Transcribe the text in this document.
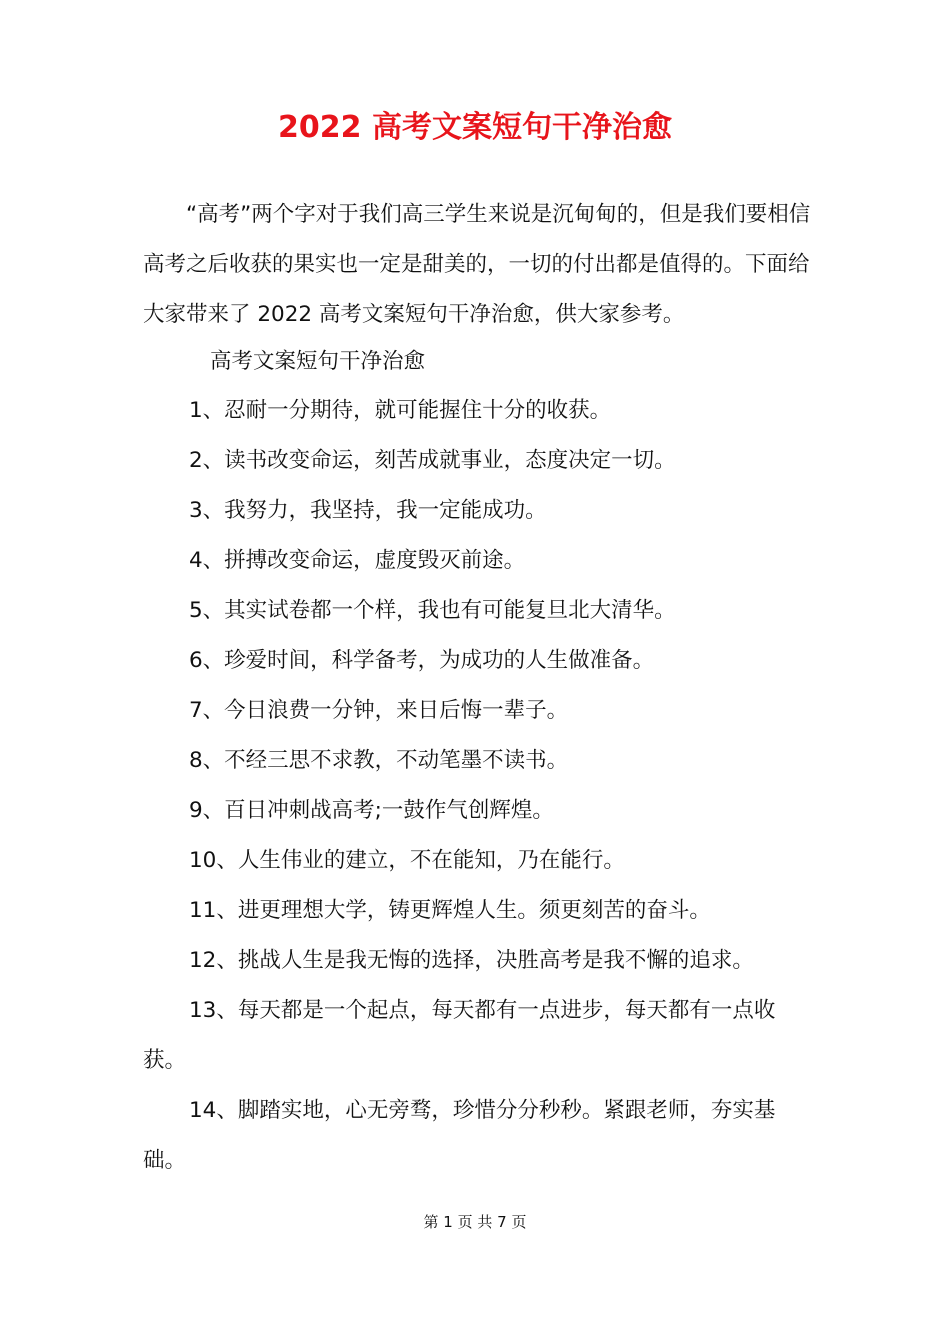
2022 高考文案短句干净治愈

“高考”两个字对于我们高三学生来说是沉甸甸的，但是我们要相信高考之后收获的果实也一定是甜美的，一切的付出都是值得的。下面给大家带来了 2022 高考文案短句干净治愈，供大家参考。

高考文案短句干净治愈

1、忍耐一分期待，就可能握住十分的收获。
2、读书改变命运，刻苦成就事业，态度决定一切。
3、我努力，我坚持，我一定能成功。
4、拼搏改变命运，虚度毁灭前途。
5、其实试卷都一个样，我也有可能复旦北大清华。
6、珍爱时间，科学备考，为成功的人生做准备。
7、今日浪费一分钟，来日后悔一辈子。
8、不经三思不求教，不动笔墨不读书。
9、百日冲刺战高考;一鼓作气创辉煌。
10、人生伟业的建立，不在能知，乃在能行。
11、进更理想大学，铸更辉煌人生。须更刻苦的奋斗。
12、挑战人生是我无悔的选择，决胜高考是我不懈的追求。
13、每天都是一个起点，每天都有一点进步，每天都有一点收获。
14、脚踏实地，心无旁骛，珍惜分分秒秒。紧跟老师，夯实基础。
第 1 页 共 7 页
